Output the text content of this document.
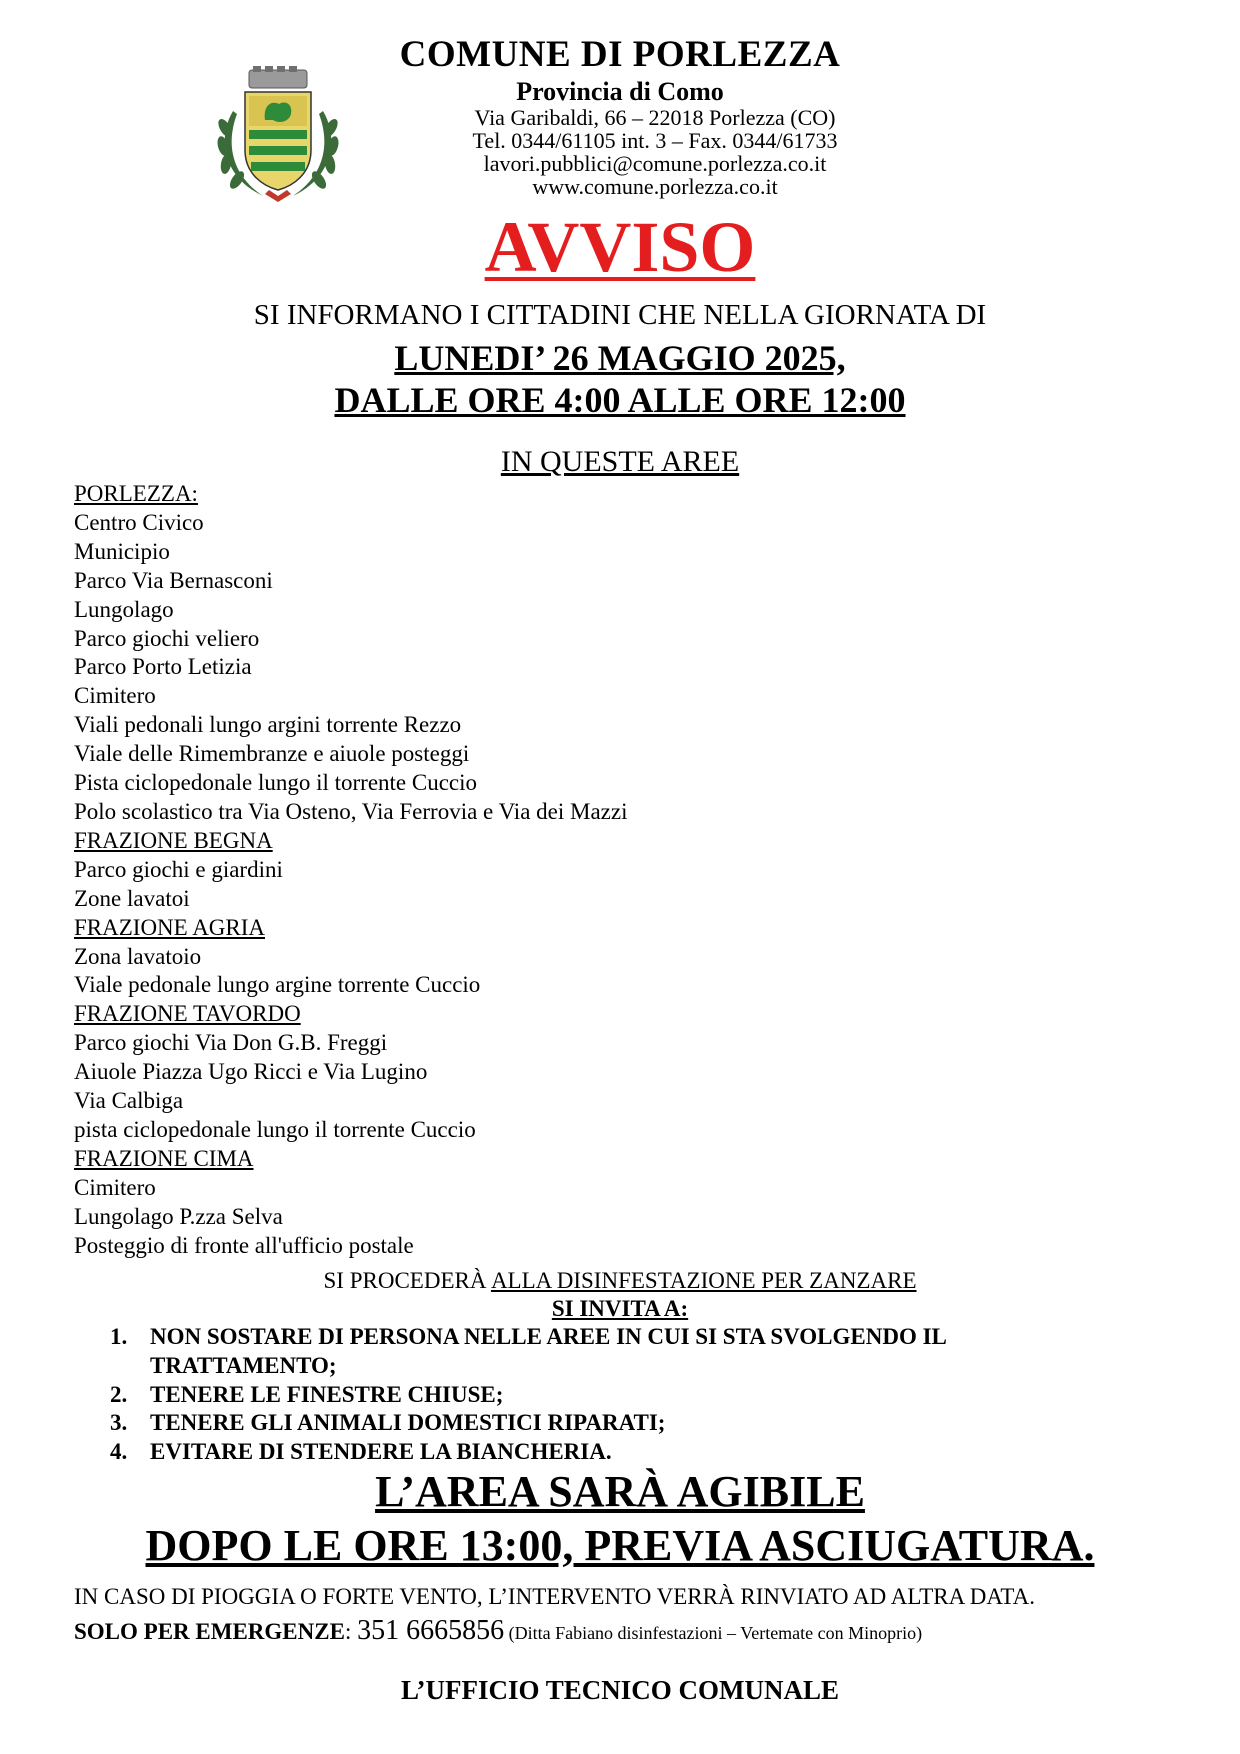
COMUNE DI PORLEZZA
Provincia di Como
Via Garibaldi, 66 – 22018 Porlezza (CO)
Tel. 0344/61105 int. 3 – Fax. 0344/61733
lavori.pubblici@comune.porlezza.co.it
www.comune.porlezza.co.it
AVVISO
SI INFORMANO I CITTADINI CHE NELLA GIORNATA DI
LUNEDI’ 26 MAGGIO 2025,
DALLE ORE 4:00 ALLE ORE 12:00
IN QUESTE AREE
PORLEZZA:
Centro Civico
Municipio
Parco Via Bernasconi
Lungolago
Parco giochi veliero
Parco Porto Letizia
Cimitero
Viali pedonali lungo argini torrente Rezzo
Viale delle Rimembranze e aiuole posteggi
Pista ciclopedonale lungo il torrente Cuccio
Polo scolastico tra Via Osteno, Via Ferrovia e Via dei Mazzi
FRAZIONE BEGNA
Parco giochi e giardini
Zone lavatoi
FRAZIONE AGRIA
Zona lavatoio
Viale pedonale lungo argine torrente Cuccio
FRAZIONE TAVORDO
Parco giochi Via Don G.B. Freggi
Aiuole Piazza Ugo Ricci e Via Lugino
Via Calbiga
pista ciclopedonale lungo il torrente Cuccio
FRAZIONE CIMA
Cimitero
Lungolago P.zza Selva
Posteggio di fronte all'ufficio postale
SI PROCEDERÀ ALLA DISINFESTAZIONE PER ZANZARE
SI INVITA A:
1. NON SOSTARE DI PERSONA NELLE AREE IN CUI SI STA SVOLGENDO IL TRATTAMENTO;
2. TENERE LE FINESTRE CHIUSE;
3. TENERE GLI ANIMALI DOMESTICI RIPARATI;
4. EVITARE DI STENDERE LA BIANCHERIA.
L’AREA SARÀ AGIBILE
DOPO LE ORE 13:00, PREVIA ASCIUGATURA.
IN CASO DI PIOGGIA O FORTE VENTO, L’INTERVENTO VERRÀ RINVIATO AD ALTRA DATA.
SOLO PER EMERGENZE: 351 6665856 (Ditta Fabiano disinfestazioni – Vertemate con Minoprio)
L’UFFICIO TECNICO COMUNALE
